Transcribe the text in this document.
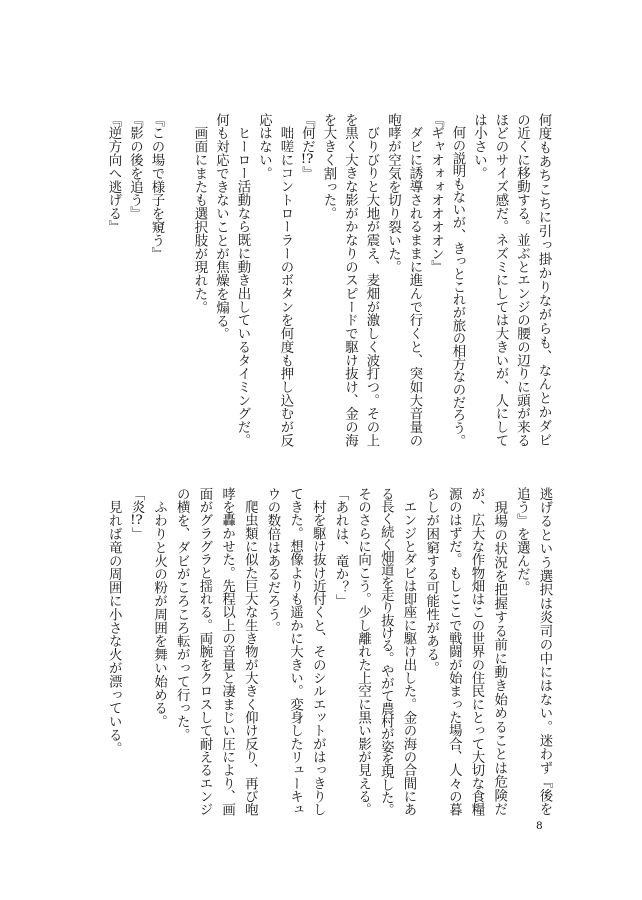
何度もあちこちに引っ掛かりながらも、なんとかダビ
の近くに移動する。並ぶとエンジの腰の辺りに頭が来る
ほどのサイズ感だ。ネズミにしては大きいが、人にして
は小さい。
　何の説明もないが、きっとこれが旅の相方なのだろう。
『ギャオォォオオオオン』
　ダビに誘導されるままに進んで行くと、突如大音量の
咆哮が空気を切り裂いた。
　びりびりと大地が震え、麦畑が激しく波打つ。その上
を黒く大きな影がかなりのスピードで駆け抜け、金の海
を大きく割った。
『何だ!?』
　咄嗟にコントローラーのボタンを何度も押し込むが反
応はない。
　ヒーロー活動なら既に動き出しているタイミングだ。
何も対応できないことが焦燥を煽る。
　画面にまたも選択肢が現れた。
『この場で様子を窺う』
『影の後を追う』
『逆方向へ逃げる』
逃げるという選択は炎司の中にはない。迷わず『後を
追う』を選んだ。
　現場の状況を把握する前に動き始めることは危険だ
が、広大な作物畑はこの世界の住民にとって大切な食糧
源のはずだ。もしここで戦闘が始まった場合、人々の暮
らしが困窮する可能性がある。
　エンジとダビは即座に駆け出した。金の海の合間にあ
る長く続く畑道を走り抜ける。やがて農村が姿を現した。
そのさらに向こう。少し離れた上空に黒い影が見える。
「あれは、竜か？」
　村を駆け抜け近付くと、そのシルエットがはっきりし
てきた。想像よりも遥かに大きい。変身したリューキュ
ウの数倍はあるだろう。
　爬虫類に似た巨大な生き物が大きく仰け反り、再び咆
哮を轟かせた。先程以上の音量と凄まじい圧により、画
面がグラグラと揺れる。両腕をクロスして耐えるエンジ
の横を、ダビがころころ転がって行った。
　ふわりと火の粉が周囲を舞い始める。
「炎!?」
　見れば竜の周囲に小さな火が漂っている。
8
